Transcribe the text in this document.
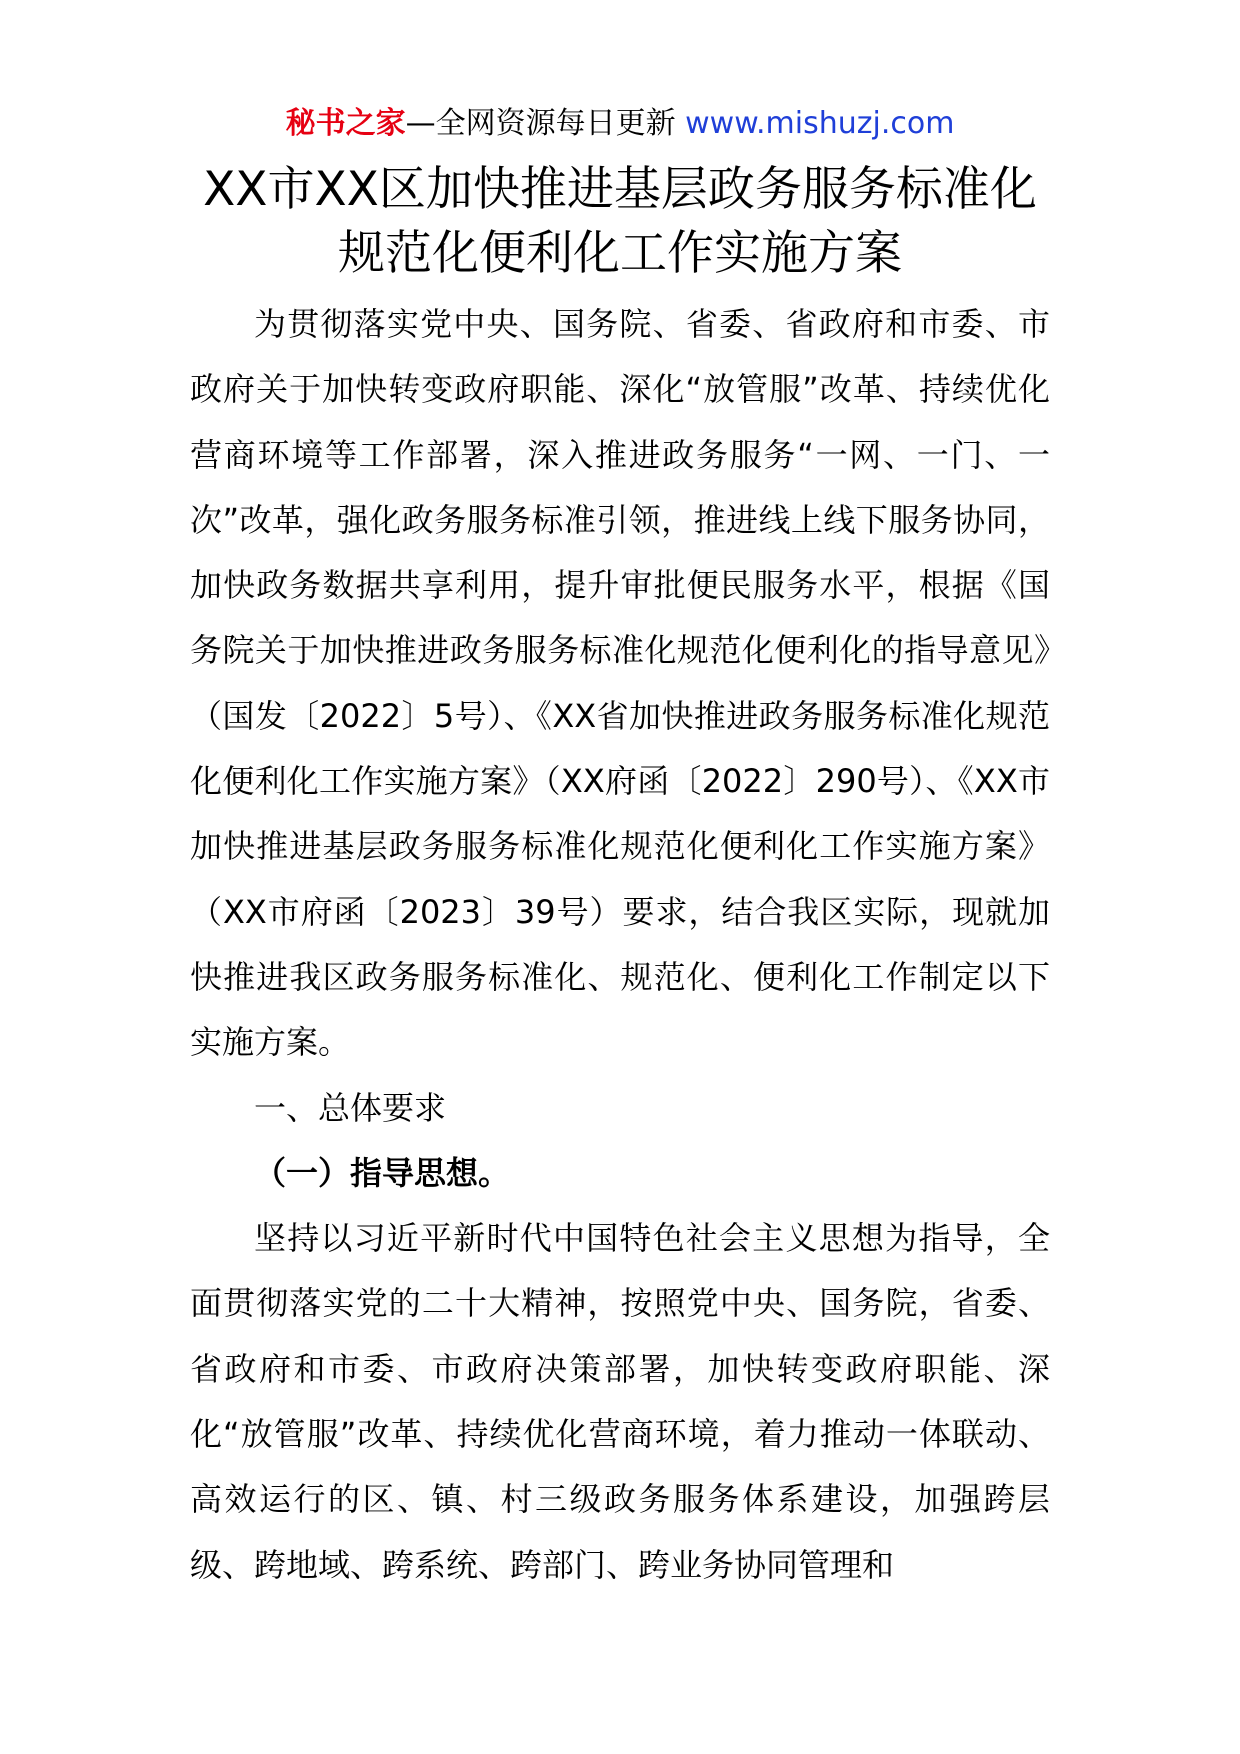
秘书之家—全网资源每日更新 www.mishuzj.com
XX市XX区加快推进基层政务服务标准化
规范化便利化工作实施方案

为贯彻落实党中央、国务院、省委、省政府和市委、市政府关于加快转变政府职能、深化“放管服”改革、持续优化营商环境等工作部署，深入推进政务服务“一网、一门、一次”改革，强化政务服务标准引领，推进线上线下服务协同，加快政务数据共享利用，提升审批便民服务水平，根据《国务院关于加快推进政务服务标准化规范化便利化的指导意见》（国发〔2022〕5号）、《XX省加快推进政务服务标准化规范化便利化工作实施方案》（XX府函〔2022〕290号）、《XX市加快推进基层政务服务标准化规范化便利化工作实施方案》（XX市府函〔2023〕39号）要求，结合我区实际，现就加快推进我区政务服务标准化、规范化、便利化工作制定以下实施方案。

一、总体要求

（一）指导思想。

坚持以习近平新时代中国特色社会主义思想为指导，全面贯彻落实党的二十大精神，按照党中央、国务院，省委、省政府和市委、市政府决策部署，加快转变政府职能、深化“放管服”改革、持续优化营商环境，着力推动一体联动、高效运行的区、镇、村三级政务服务体系建设，加强跨层级、跨地域、跨系统、跨部门、跨业务协同管理和
